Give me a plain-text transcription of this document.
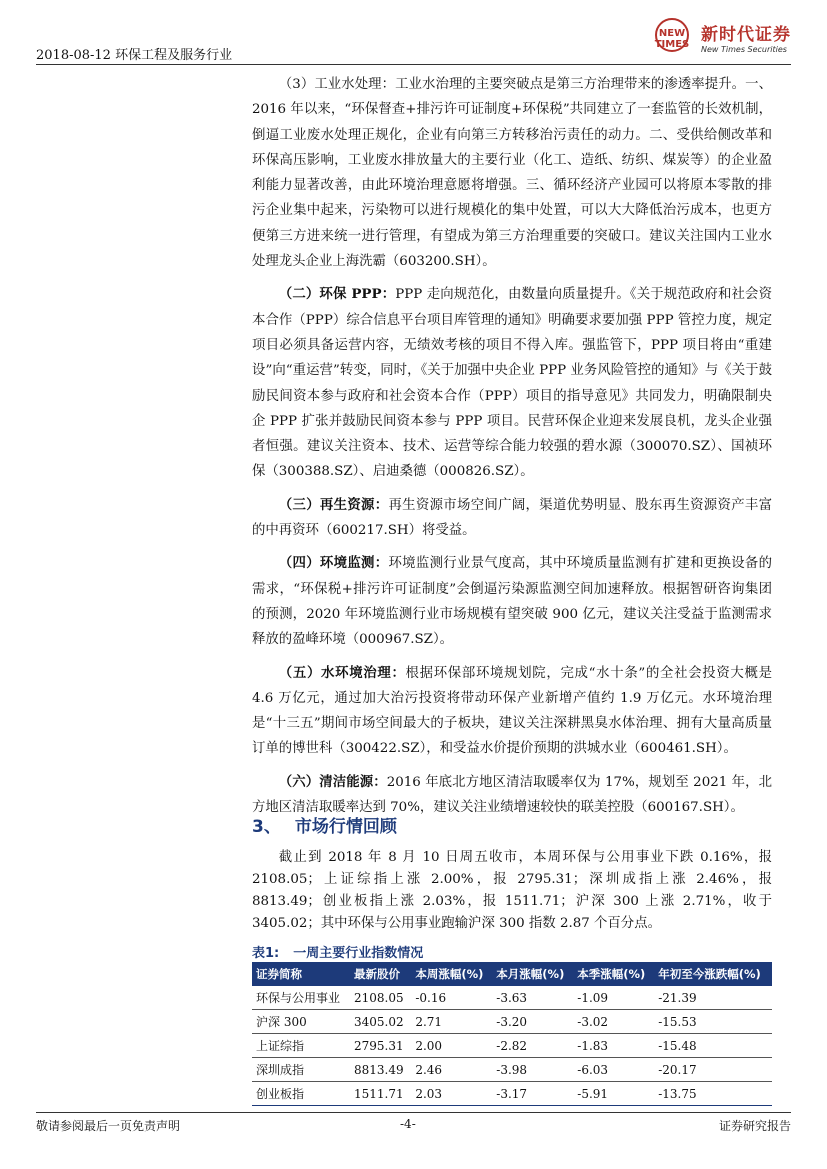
2018-08-12 环保工程及服务行业
NEW TIMES 新时代证券
New Times Securities

（3）工业水处理：工业水治理的主要突破点是第三方治理带来的渗透率提升。一、2016 年以来，“环保督查+排污许可证制度+环保税”共同建立了一套监管的长效机制，倒逼工业废水处理正规化，企业有向第三方转移治污责任的动力。二、受供给侧改革和环保高压影响，工业废水排放量大的主要行业（化工、造纸、纺织、煤炭等）的企业盈利能力显著改善，由此环境治理意愿将增强。三、循环经济产业园可以将原本零散的排污企业集中起来，污染物可以进行规模化的集中处置，可以大大降低治污成本，也更方便第三方进来统一进行管理，有望成为第三方治理重要的突破口。建议关注国内工业水处理龙头企业上海洗霸（603200.SH）。

（二）环保 PPP：PPP 走向规范化，由数量向质量提升。《关于规范政府和社会资本合作（PPP）综合信息平台项目库管理的通知》明确要求要加强 PPP 管控力度，规定项目必须具备运营内容，无绩效考核的项目不得入库。强监管下，PPP 项目将由“重建设”向“重运营”转变，同时，《关于加强中央企业 PPP 业务风险管控的通知》与《关于鼓励民间资本参与政府和社会资本合作（PPP）项目的指导意见》共同发力，明确限制央企 PPP 扩张并鼓励民间资本参与 PPP 项目。民营环保企业迎来发展良机，龙头企业强者恒强。建议关注资本、技术、运营等综合能力较强的碧水源（300070.SZ）、国祯环保（300388.SZ）、启迪桑德（000826.SZ）。

（三）再生资源：再生资源市场空间广阔，渠道优势明显、股东再生资源资产丰富的中再资环（600217.SH）将受益。

（四）环境监测：环境监测行业景气度高，其中环境质量监测有扩建和更换设备的需求，“环保税+排污许可证制度”会倒逼污染源监测空间加速释放。根据智研咨询集团的预测，2020 年环境监测行业市场规模有望突破 900 亿元，建议关注受益于监测需求释放的盈峰环境（000967.SZ）。

（五）水环境治理：根据环保部环境规划院，完成“水十条”的全社会投资大概是 4.6 万亿元，通过加大治污投资将带动环保产业新增产值约 1.9 万亿元。水环境治理是“十三五”期间市场空间最大的子板块，建议关注深耕黑臭水体治理、拥有大量高质量订单的博世科（300422.SZ），和受益水价提价预期的洪城水业（600461.SH）。

（六）清洁能源：2016 年底北方地区清洁取暖率仅为 17%，规划至 2021 年，北方地区清洁取暖率达到 70%，建议关注业绩增速较快的联美控股（600167.SH）。

3、 市场行情回顾
截止到 2018 年 8 月 10 日周五收市，本周环保与公用事业下跌 0.16%，报 2108.05；上证综指上涨 2.00%，报 2795.31；深圳成指上涨 2.46%，报 8813.49；创业板指上涨 2.03%，报 1511.71；沪深 300 上涨 2.71%，收于 3405.02；其中环保与公用事业跑输沪深 300 指数 2.87 个百分点。
表1: 一周主要行业指数情况
证券简称	最新股价	本周涨幅(%)	本月涨幅(%)	本季涨幅(%)	年初至今涨跌幅(%)
环保与公用事业	2108.05	-0.16	-3.63	-1.09	-21.39
沪深 300	3405.02	2.71	-3.20	-3.02	-15.53
上证综指	2795.31	2.00	-2.82	-1.83	-15.48
深圳成指	8813.49	2.46	-3.98	-6.03	-20.17
创业板指	1511.71	2.03	-3.17	-5.91	-13.75
敬请参阅最后一页免责声明	-4-	证券研究报告
